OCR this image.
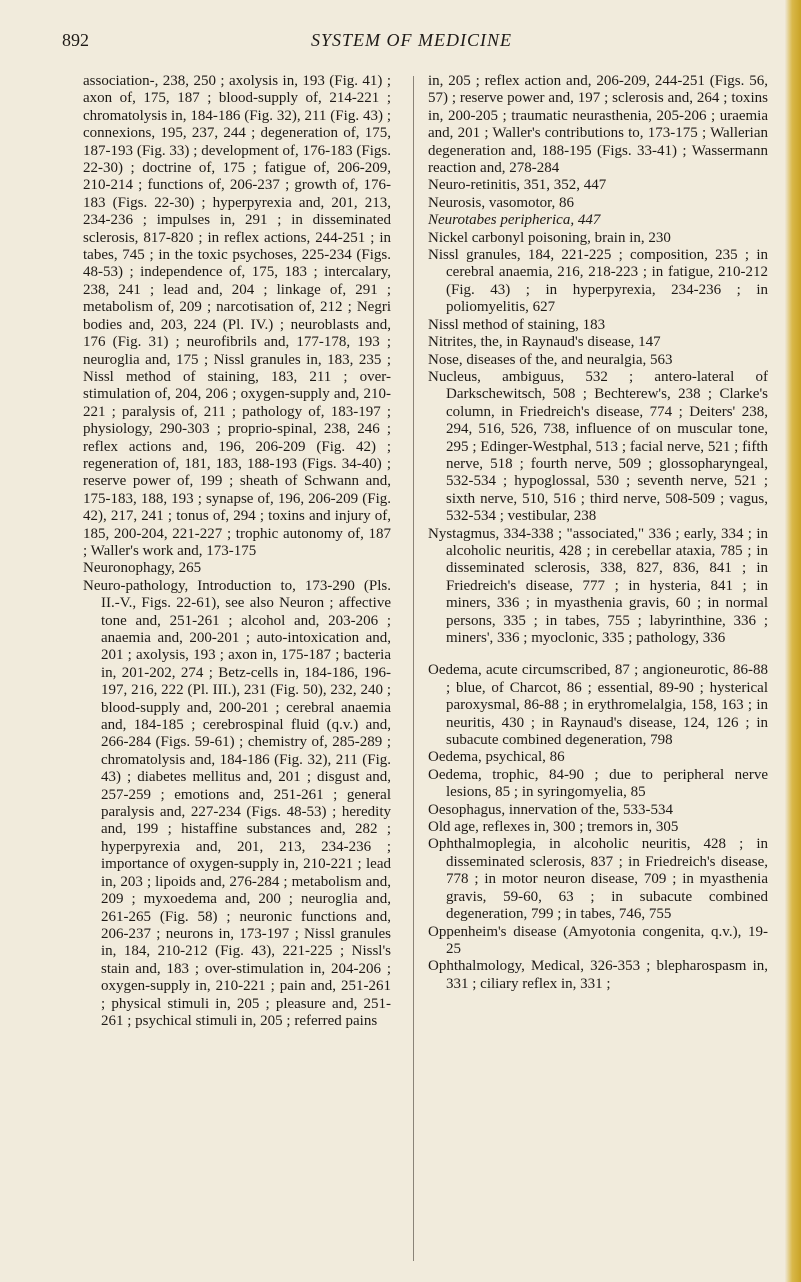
892	SYSTEM OF MEDICINE

association-, 238, 250 ; axolysis in, 193 (Fig. 41) ; axon of, 175, 187 ; blood-supply of, 214-221 ; chromatolysis in, 184-186 (Fig. 32), 211 (Fig. 43) ; connexions, 195, 237, 244 ; degeneration of, 175, 187-193 (Fig. 33) ; development of, 176-183 (Figs. 22-30) ; doctrine of, 175 ; fatigue of, 206-209, 210-214 ; functions of, 206-237 ; growth of, 176-183 (Figs. 22-30) ; hyperpyrexia and, 201, 213, 234-236 ; impulses in, 291 ; in disseminated sclerosis, 817-820 ; in reflex actions, 244-251 ; in tabes, 745 ; in the toxic psychoses, 225-234 (Figs. 48-53) ; independence of, 175, 183 ; intercalary, 238, 241 ; lead and, 204 ; linkage of, 291 ; metabolism of, 209 ; narcotisation of, 212 ; Negri bodies and, 203, 224 (Pl. IV.) ; neuroblasts and, 176 (Fig. 31) ; neurofibrils and, 177-178, 193 ; neuroglia and, 175 ; Nissl granules in, 183, 235 ; Nissl method of staining, 183, 211 ; over-stimulation of, 204, 206 ; oxygen-supply and, 210-221 ; paralysis of, 211 ; pathology of, 183-197 ; physiology, 290-303 ; proprio-spinal, 238, 246 ; reflex actions and, 196, 206-209 (Fig. 42) ; regeneration of, 181, 183, 188-193 (Figs. 34-40) ; reserve power of, 199 ; sheath of Schwann and, 175-183, 188, 193 ; synapse of, 196, 206-209 (Fig. 42), 217, 241 ; tonus of, 294 ; toxins and injury of, 185, 200-204, 221-227 ; trophic autonomy of, 187 ; Waller's work and, 173-175

Neuronophagy, 265

Neuro-pathology, Introduction to, 173-290 (Pls. II.-V., Figs. 22-61), see also Neuron ; affective tone and, 251-261 ; alcohol and, 203-206 ; anaemia and, 200-201 ; auto-intoxication and, 201 ; axolysis, 193 ; axon in, 175-187 ; bacteria in, 201-202, 274 ; Betz-cells in, 184-186, 196-197, 216, 222 (Pl. III.), 231 (Fig. 50), 232, 240 ; blood-supply and, 200-201 ; cerebral anaemia and, 184-185 ; cerebrospinal fluid (q.v.) and, 266-284 (Figs. 59-61) ; chemistry of, 285-289 ; chromatolysis and, 184-186 (Fig. 32), 211 (Fig. 43) ; diabetes mellitus and, 201 ; disgust and, 257-259 ; emotions and, 251-261 ; general paralysis and, 227-234 (Figs. 48-53) ; heredity and, 199 ; histaffine substances and, 282 ; hyperpyrexia and, 201, 213, 234-236 ; importance of oxygen-supply in, 210-221 ; lead in, 203 ; lipoids and, 276-284 ; metabolism and, 209 ; myxoedema and, 200 ; neuroglia and, 261-265 (Fig. 58) ; neuronic functions and, 206-237 ; neurons in, 173-197 ; Nissl granules in, 184, 210-212 (Fig. 43), 221-225 ; Nissl's stain and, 183 ; over-stimulation in, 204-206 ; oxygen-supply in, 210-221 ; pain and, 251-261 ; physical stimuli in, 205 ; pleasure and, 251-261 ; psychical stimuli in, 205 ; referred pains

in, 205 ; reflex action and, 206-209, 244-251 (Figs. 56, 57) ; reserve power and, 197 ; sclerosis and, 264 ; toxins in, 200-205 ; traumatic neurasthenia, 205-206 ; uraemia and, 201 ; Waller's contributions to, 173-175 ; Wallerian degeneration and, 188-195 (Figs. 33-41) ; Wassermann reaction and, 278-284

Neuro-retinitis, 351, 352, 447

Neurosis, vasomotor, 86

Neurotabes peripherica, 447

Nickel carbonyl poisoning, brain in, 230

Nissl granules, 184, 221-225 ; composition, 235 ; in cerebral anaemia, 216, 218-223 ; in fatigue, 210-212 (Fig. 43) ; in hyperpyrexia, 234-236 ; in poliomyelitis, 627

Nissl method of staining, 183

Nitrites, the, in Raynaud's disease, 147

Nose, diseases of the, and neuralgia, 563

Nucleus, ambiguus, 532 ; antero-lateral of Darkschewitsch, 508 ; Bechterew's, 238 ; Clarke's column, in Friedreich's disease, 774 ; Deiters' 238, 294, 516, 526, 738, influence of on muscular tone, 295 ; Edinger-Westphal, 513 ; facial nerve, 521 ; fifth nerve, 518 ; fourth nerve, 509 ; glossopharyngeal, 532-534 ; hypoglossal, 530 ; seventh nerve, 521 ; sixth nerve, 510, 516 ; third nerve, 508-509 ; vagus, 532-534 ; vestibular, 238

Nystagmus, 334-338 ; "associated," 336 ; early, 334 ; in alcoholic neuritis, 428 ; in cerebellar ataxia, 785 ; in disseminated sclerosis, 338, 827, 836, 841 ; in Friedreich's disease, 777 ; in hysteria, 841 ; in miners, 336 ; in myasthenia gravis, 60 ; in normal persons, 335 ; in tabes, 755 ; labyrinthine, 336 ; miners', 336 ; myoclonic, 335 ; pathology, 336

Oedema, acute circumscribed, 87 ; angioneurotic, 86-88 ; blue, of Charcot, 86 ; essential, 89-90 ; hysterical paroxysmal, 86-88 ; in erythromelalgia, 158, 163 ; in neuritis, 430 ; in Raynaud's disease, 124, 126 ; in subacute combined degeneration, 798

Oedema, psychical, 86

Oedema, trophic, 84-90 ; due to peripheral nerve lesions, 85 ; in syringomyelia, 85

Oesophagus, innervation of the, 533-534

Old age, reflexes in, 300 ; tremors in, 305

Ophthalmoplegia, in alcoholic neuritis, 428 ; in disseminated sclerosis, 837 ; in Friedreich's disease, 778 ; in motor neuron disease, 709 ; in myasthenia gravis, 59-60, 63 ; in subacute combined degeneration, 799 ; in tabes, 746, 755

Oppenheim's disease (Amyotonia congenita, q.v.), 19-25

Ophthalmology, Medical, 326-353 ; blepharospasm in, 331 ; ciliary reflex in, 331 ;
